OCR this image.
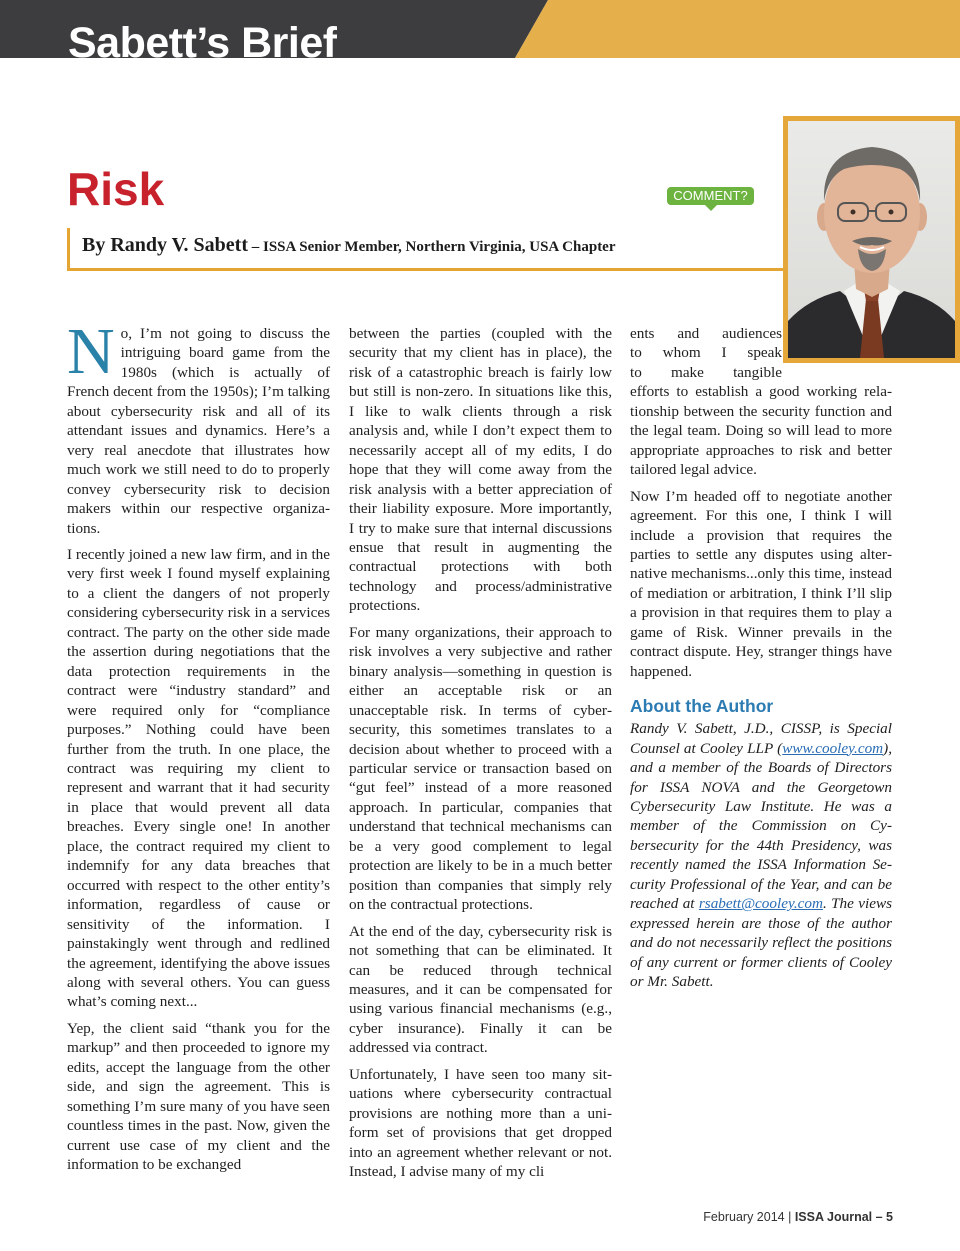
Sabett’s Brief
Risk	COMMENT?
By Randy V. Sabett – ISSA Senior Member, Northern Virginia, USA Chapter

No, I’m not going to discuss the intriguing board game from the 1980s (which is actually of French decent from the 1950s); I’m talking about cybersecurity risk and all of its attendant issues and dynamics. Here’s a very real anecdote that illustrates how much work we still need to do to properly convey cybersecurity risk to decision makers within our respective organizations.

I recently joined a new law firm, and in the very first week I found myself explaining to a client the dangers of not properly considering cybersecurity risk in a services contract. The party on the other side made the assertion during negotiations that the data protection requirements in the contract were “industry standard” and were required only for “compliance purposes.” Nothing could have been further from the truth. In one place, the contract was requiring my client to represent and warrant that it had security in place that would prevent all data breaches. Every single one! In another place, the contract required my client to indemnify for any data breaches that occurred with respect to the other entity’s information, regardless of cause or sensitivity of the information. I painstakingly went through and redlined the agreement, identifying the above issues along with several others. You can guess what’s coming next...

Yep, the client said “thank you for the markup” and then proceeded to ignore my edits, accept the language from the other side, and sign the agreement. This is something I’m sure many of you have seen countless times in the past. Now, given the current use case of my client and the information to be exchanged

between the parties (coupled with the security that my client has in place), the risk of a catastrophic breach is fairly low but still is non-zero. In situations like this, I like to walk clients through a risk analysis and, while I don’t expect them to necessarily accept all of my edits, I do hope that they will come away from the risk analysis with a better appreciation of their liability exposure. More importantly, I try to make sure that internal discussions ensue that result in augmenting the contractual protections with both technology and process/administrative protections.

For many organizations, their approach to risk involves a very subjective and rather binary analysis—something in question is either an acceptable risk or an unacceptable risk. In terms of cybersecurity, this sometimes translates to a decision about whether to proceed with a particular service or transaction based on “gut feel” instead of a more reasoned approach. In particular, companies that understand that technical mechanisms can be a very good complement to legal protection are likely to be in a much better position than companies that simply rely on the contractual protections.

At the end of the day, cybersecurity risk is not something that can be eliminated. It can be reduced through technical measures, and it can be compensated for using various financial mechanisms (e.g., cyber insurance). Finally it can be addressed via contract.

Unfortunately, I have seen too many situations where cybersecurity contractual provisions are nothing more than a uniform set of provisions that get dropped into an agreement whether relevant or not. Instead, I advise many of my cli

ents and audiences
to whom I speak
to make tangible

efforts to establish a good working relationship between the security function and the legal team. Doing so will lead to more appropriate approaches to risk and better tailored legal advice.

Now I’m headed off to negotiate another agreement. For this one, I think I will include a provision that requires the parties to settle any disputes using alternative mechanisms...only this time, instead of mediation or arbitration, I think I’ll slip a provision in that requires them to play a game of Risk. Winner prevails in the contract dispute. Hey, stranger things have happened.

About the Author

Randy V. Sabett, J.D., CISSP, is Special Counsel at Cooley LLP (www.cooley.com), and a member of the Boards of Directors for ISSA NOVA and the Georgetown Cybersecurity Law Institute. He was a member of the Commission on Cybersecurity for the 44th Presidency, was recently named the ISSA Information Security Professional of the Year, and can be reached at rsabett@cooley.com. The views expressed herein are those of the author and do not necessarily reflect the positions of any current or former clients of Cooley or Mr. Sabett.

February 2014 | ISSA Journal – 5
